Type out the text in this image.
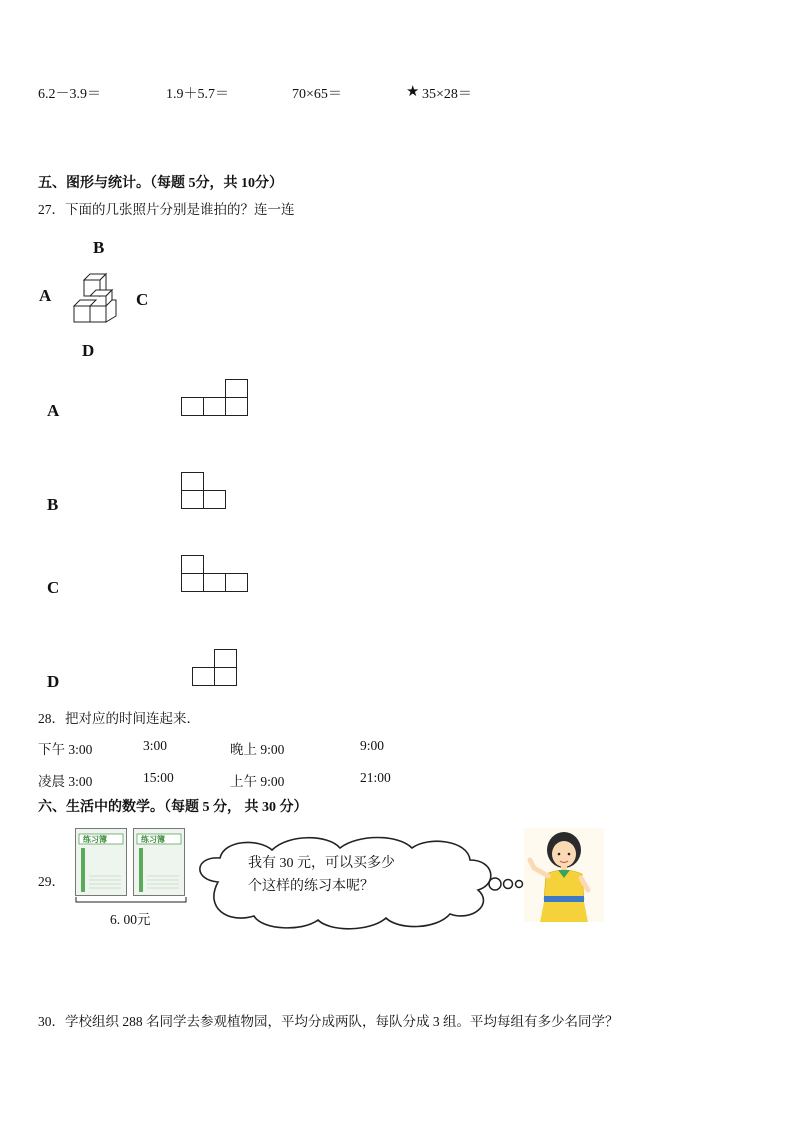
6.2－3.9＝	1.9＋5.7＝	70×65＝	★ 35×28＝
五、图形与统计。（每题 5分，共 10分）
27．下面的几张照片分别是谁拍的？连一连
B
A	C
D
A
B
C
D
28．把对应的时间连起来．
下午 3:00	3:00	晚上 9:00	9:00
凌晨 3:00	15:00	上午 9:00	21:00
六、生活中的数学。（每题 5 分， 共 30 分）
29．
练习簿	练习簿
6. 00元
我有 30 元，可以买多少
个这样的练习本呢？
30．学校组织 288 名同学去参观植物园，平均分成两队，每队分成 3 组。平均每组有多少名同学？
